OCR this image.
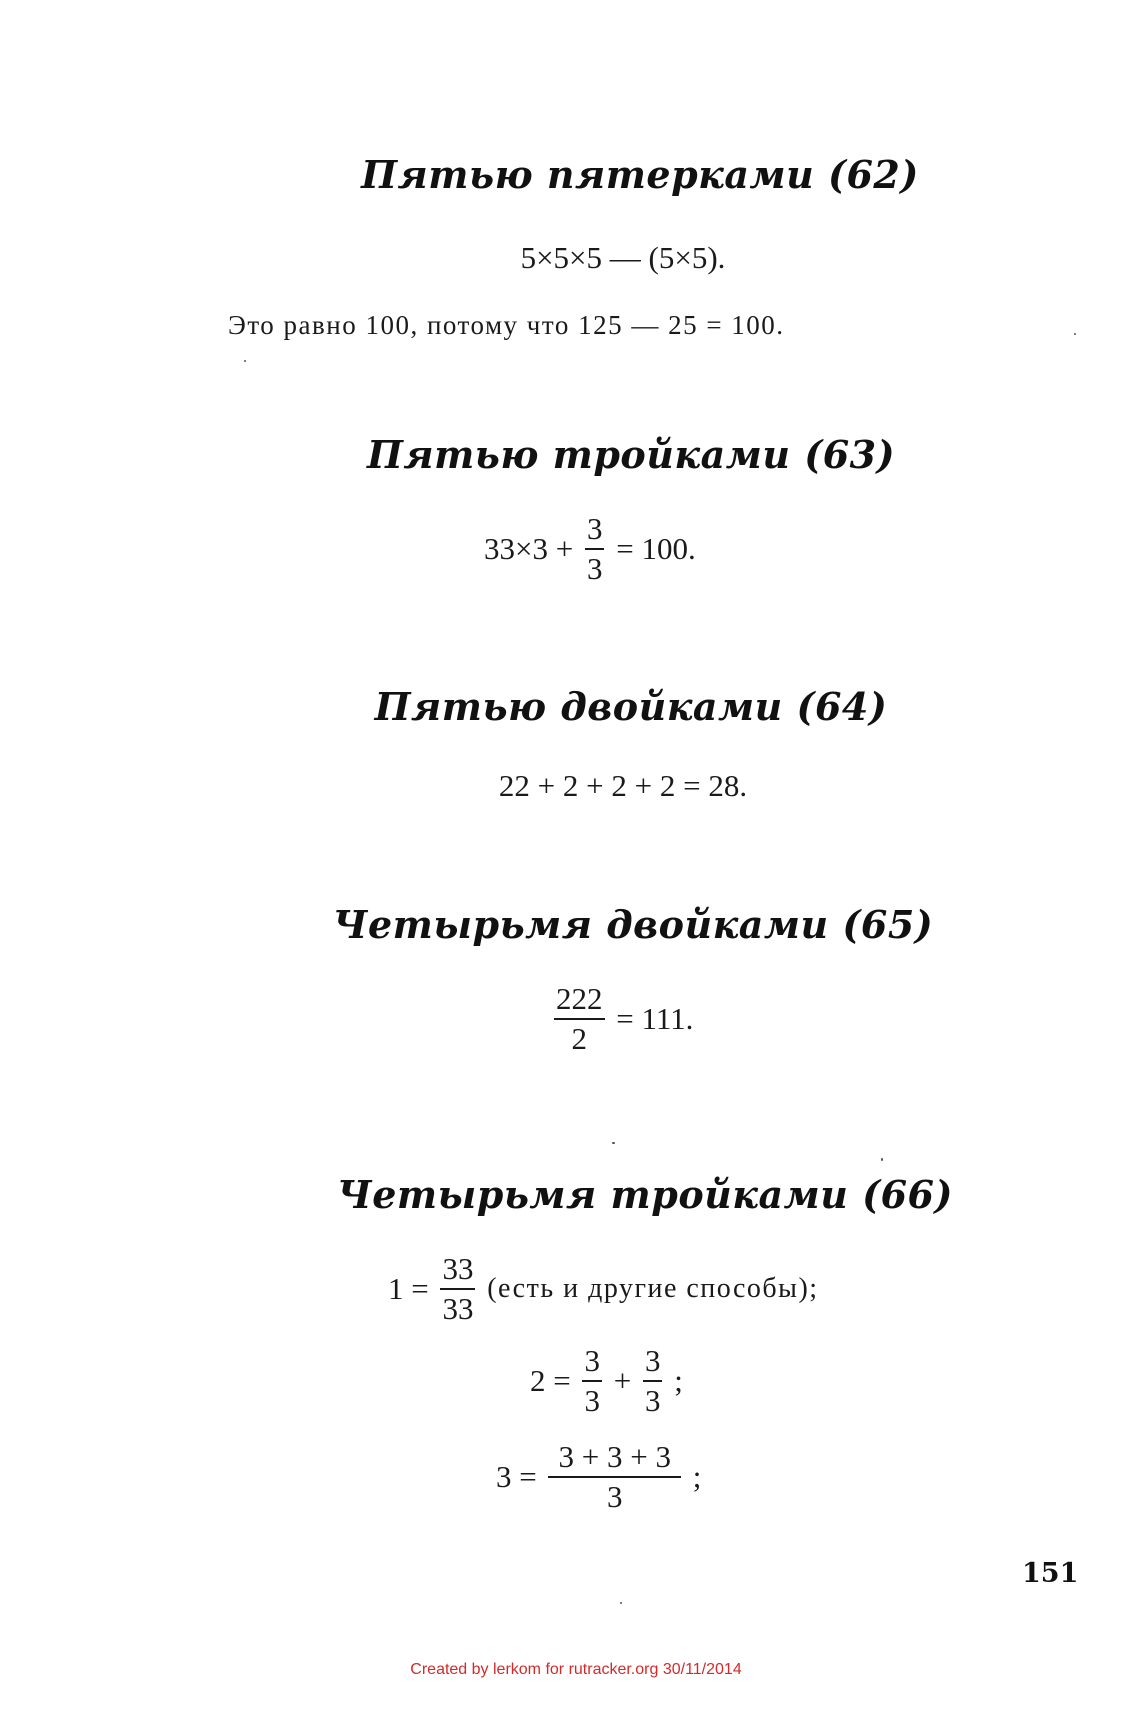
Пятью пятерками (62)
5×5×5 — (5×5).
Это равно 100, потому что 125 — 25 = 100.
Пятью тройками (63)
$33\times 3 + \frac{3}{3} = 100$.
Пятью двойками (64)
22 + 2 + 2 + 2 = 28.
Четырьмя двойками (65)
$\frac{222}{2} = 111$.
Четырьмя тройками (66)
$1 = \frac{33}{33}$ (есть и другие способы);
$2 = \frac{3}{3} + \frac{3}{3}$ ;
$3 = \frac{3 + 3 + 3}{3}$ ;
151
Created by lerkom for rutracker.org 30/11/2014
